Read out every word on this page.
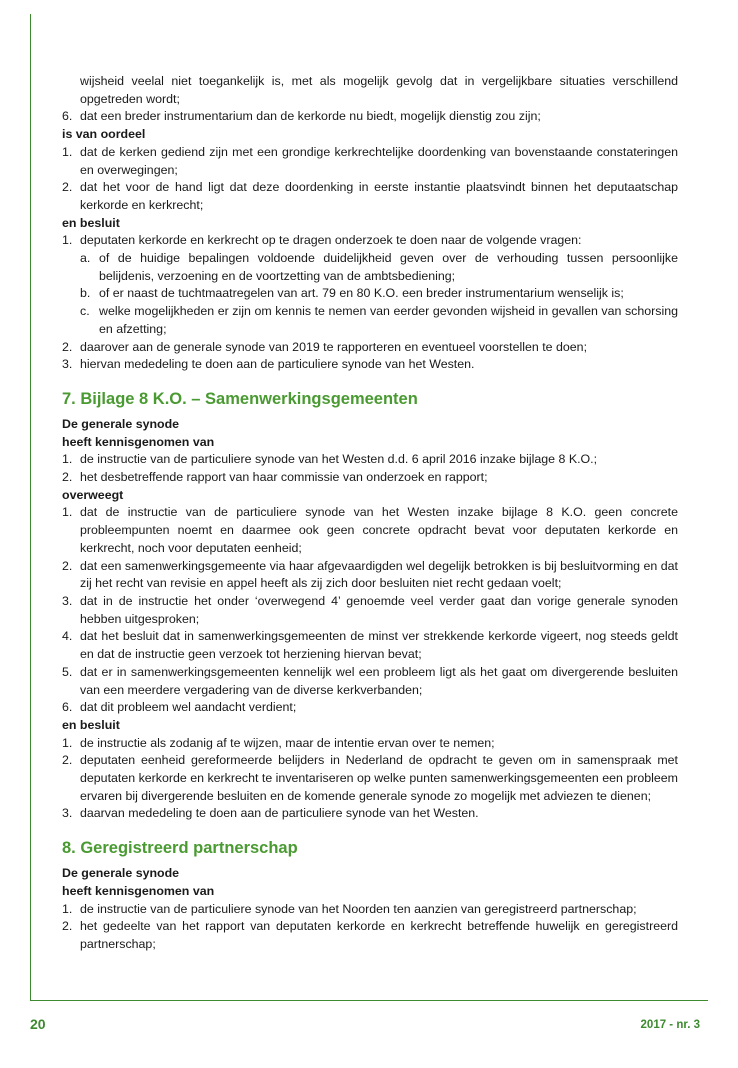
wijsheid veelal niet toegankelijk is, met als mogelijk gevolg dat in vergelijkbare situaties verschillend opgetreden wordt;

6. dat een breder instrumentarium dan de kerkorde nu biedt, mogelijk dienstig zou zijn;

is van oordeel

1. dat de kerken gediend zijn met een grondige kerkrechtelijke doordenking van bovenstaande constateringen en overwegingen;
2. dat het voor de hand ligt dat deze doordenking in eerste instantie plaatsvindt binnen het deputaatschap kerkorde en kerkrecht;

en besluit

1. deputaten kerkorde en kerkrecht op te dragen onderzoek te doen naar de volgende vragen:
a. of de huidige bepalingen voldoende duidelijkheid geven over de verhouding tussen persoonlijke belijdenis, verzoening en de voortzetting van de ambtsbediening;
b. of er naast de tuchtmaatregelen van art. 79 en 80 K.O. een breder instrumentarium wenselijk is;
c. welke mogelijkheden er zijn om kennis te nemen van eerder gevonden wijsheid in gevallen van schorsing en afzetting;
2. daarover aan de generale synode van 2019 te rapporteren en eventueel voorstellen te doen;
3. hiervan mededeling te doen aan de particuliere synode van het Westen.
7. Bijlage 8 K.O. – Samenwerkingsgemeenten

De generale synode

heeft kennisgenomen van

1. de instructie van de particuliere synode van het Westen d.d. 6 april 2016 inzake bijlage 8 K.O.;
2. het desbetreffende rapport van haar commissie van onderzoek en rapport;

overweegt

1. dat de instructie van de particuliere synode van het Westen inzake bijlage 8 K.O. geen concrete probleempunten noemt en daarmee ook geen concrete opdracht bevat voor deputaten kerkorde en kerkrecht, noch voor deputaten eenheid;
2. dat een samenwerkingsgemeente via haar afgevaardigden wel degelijk betrokken is bij besluitvorming en dat zij het recht van revisie en appel heeft als zij zich door besluiten niet recht gedaan voelt;
3. dat in de instructie het onder ‘overwegend 4’ genoemde veel verder gaat dan vorige generale synoden hebben uitgesproken;
4. dat het besluit dat in samenwerkingsgemeenten de minst ver strekkende kerkorde vigeert, nog steeds geldt en dat de instructie geen verzoek tot herziening hiervan bevat;
5. dat er in samenwerkingsgemeenten kennelijk wel een probleem ligt als het gaat om divergerende besluiten van een meerdere vergadering van de diverse kerkverbanden;
6. dat dit probleem wel aandacht verdient;

en besluit

1. de instructie als zodanig af te wijzen, maar de intentie ervan over te nemen;
2. deputaten eenheid gereformeerde belijders in Nederland de opdracht te geven om in samenspraak met deputaten kerkorde en kerkrecht te inventariseren op welke punten samenwerkingsgemeenten een probleem ervaren bij divergerende besluiten en de komende generale synode zo mogelijk met adviezen te dienen;
3. daarvan mededeling te doen aan de particuliere synode van het Westen.
8. Geregistreerd partnerschap

De generale synode

heeft kennisgenomen van

1. de instructie van de particuliere synode van het Noorden ten aanzien van geregistreerd partnerschap;
2. het gedeelte van het rapport van deputaten kerkorde en kerkrecht betreffende huwelijk en geregistreerd partnerschap;
20	2017 - nr. 3
